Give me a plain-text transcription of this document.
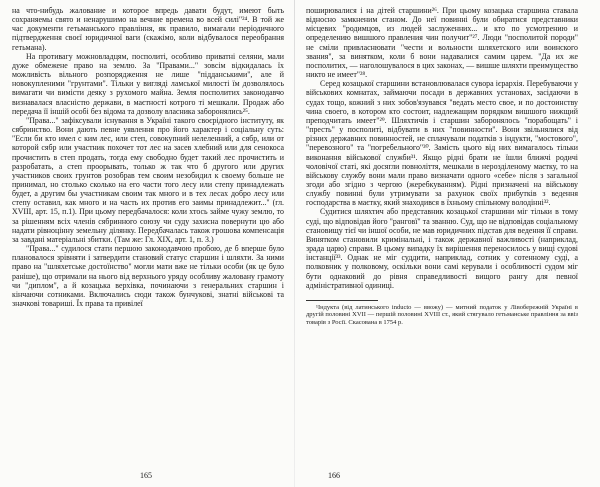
на что-нибудь жалование и которое впредь давати будут, имеют быть сохраняемы свято и ненарушимо на вечние времена во всей силі"²⁴. В той же час документи гетьманського правління, як правило, вимагали періодичного підтвердження своєї юридичної ваги (скажімо, коли відбувалося переобрання гетьмана).

На противагу можновладцям, посполиті, особливо приватні селяни, мали дуже обмежене право на землю. За "Правами..." зовсім відкидалась їх можливість вільного розпорядження не лише "підданськими", але й новокупленими "грунтами". Тільки у вигляді ламської милості їм дозволялось вимагати чи вимісти деяку з рухомого майна. Земля посполитих законодавчо визнавалася власністю держави, в маєтності котрого ті мешкали. Продаж або передача її іншій особі без відома та дозволу власника заборонялись²⁵.

"Права..." зафіксували існування в Україні такого своєрідного інституту, як сябринство. Вони дають певне уявлення про його характер і соціальну суть: "Если би кто имел с ким лес, или степ, совокупний нелеленний, а сябр, или от которой сябр или участник похочет тот лес на засев хлебний или для сенокоса прочистить в степ продать, тогда ему свободно будет такий лес прочистить и разробатать, а степ проорывать, только ж так что б другого или других участников своих грунтов розобрав тем своим незобидил к своему больше не принимал, но столько сколько на его части того лесу или степу принадлежать будет, а другим бы участникам своим так много и в тех лесах добро лесу или степу оставил, как много и на часть их против его заимы принадлежит..." (гл. XVIII, арт. 15, п.1). При цьому передбачалося: коли хтось займе чужу землю, то за рішенням всіх членів сябринного союзу чи суду захисна повернути цю або надати рівноцінну земельну ділянку. Передбачалась також грошова компенсація за завдані матеріальні збитки. (Там же: Гл. XIX, арт. 1, п. 3.)

"Права..." судилося стати першою законодавчою пробою, де б вперше було плановалося зрівняти і затвердити становий статус старшин і шляхти. За ними право на "шляхетське достоїнство" могли мати вже не тільки особи (як це було раніше), що отримали на нього від верхнього уряду особливу жаловану грамоту чи "диплом", а й козацька верхівка, починаючи з генеральних старшин і кінчаючи сотниками. Включались сюди також бунчукові, знатні військові та значкові товариші. Їх права та привілеї

165

поширювалися і на дітей старшини²⁶. При цьому козацька старшина ставала відносно замкненим станом. До неї повинні були обиратися представники місцевих "родимцов, из людей заслуженних... и кто по усмотрению и определению вишшого правления чин получит"²⁷. Люди "посполитой породи" не сміли привласнювати "чести и вольности шляхетского или воинского звания", за винятком, коли б вони надавалися самим царем. "Да их же посполитих, — наголошувалося в цих законах, — вишше шляхти преимущество никто не имеет"²⁸.

Серед козацької старшини встановлювалася сувора ієрархія. Перебуваючи у військових комнатах, займаючи посади в державних установах, засідаючи в судах тощо, кожний з них зобов'язувався "ведать место свое, и по достоинству чина своего, в котором кто состоит, надлежащим порядком вишшого нижщий преподчитать имеет"²⁹. Шляхтичів і старшин заборонялось "порабощать" і "престь" у посполиті, відбувати в них "повинности". Вони звільнялися від різних державних повинностей, не сплачували податків з індукти, "мостового", "перевозного" та "погребельного"³⁰. Замість цього від них вимагалось тільки виконання військової служби³¹. Якщо рідні брати не їшли ближчі родичі чоловічої статі, які досягли повноліття, мешкали в нерозділеному маєтку, то на військову службу вони мали право визначати одного «себе» після з загальної згоди або згідно з чергою (жеребкуванням). Рідні призначені на військову службу повинні були утримувати за рахунок своїх прибутків з ведення господарства в маєтку, який знаходився в їхньому спільному володінні³².

Судитися шляхтич або представник козацької старшини міг тільки в тому суді, що відповідав його "ранговї" та званню. Суд, що не відповідав соціальному становищу тієї чи іншої особи, не мав юридичних підстав для ведення її справи. Винятком становили кримінальні, і також державної важливості (наприклад, зрада царю) справи. В цьому випадку їх вирішення переносилось у вищі судові інстанції³³. Однак не міг суддити, наприклад, сотник у сотенному суді, а полковник у полковому, оскільки вони самі керували і особливості судом міг бути однаковий до рівня справедливості вищого рангу для певної адміністративної одиниці.

¹Індукта (від латинського inducto — ввожу) — митний податок у Лівобережній Україні в другій половині XVII — першій половині XVIII ст., який стягувало гетьманське правління за ввіз товарів з Росії. Скасована в 1754 р.

166
